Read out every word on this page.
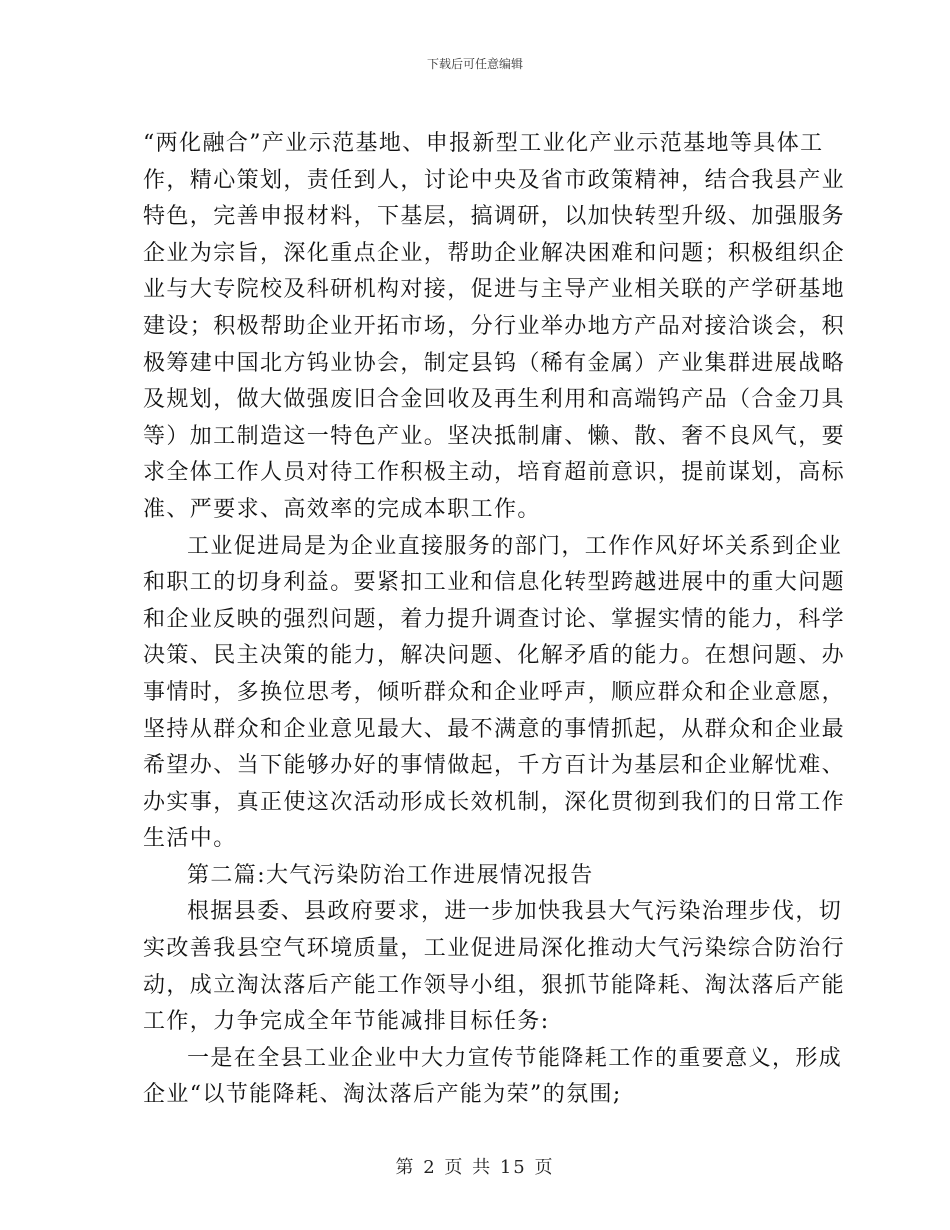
下载后可任意编辑
“两化融合”产业示范基地、申报新型工业化产业示范基地等具体工
作，精心策划，责任到人，讨论中央及省市政策精神，结合我县产业
特色，完善申报材料，下基层，搞调研，以加快转型升级、加强服务
企业为宗旨，深化重点企业，帮助企业解决困难和问题；积极组织企
业与大专院校及科研机构对接，促进与主导产业相关联的产学研基地
建设；积极帮助企业开拓市场，分行业举办地方产品对接洽谈会，积
极筹建中国北方钨业协会，制定县钨（稀有金属）产业集群进展战略
及规划，做大做强废旧合金回收及再生利用和高端钨产品（合金刀具
等）加工制造这一特色产业。坚决抵制庸、懒、散、奢不良风气，要
求全体工作人员对待工作积极主动，培育超前意识，提前谋划，高标
准、严要求、高效率的完成本职工作。
工业促进局是为企业直接服务的部门，工作作风好坏关系到企业
和职工的切身利益。要紧扣工业和信息化转型跨越进展中的重大问题
和企业反映的强烈问题，着力提升调查讨论、掌握实情的能力，科学
决策、民主决策的能力，解决问题、化解矛盾的能力。在想问题、办
事情时，多换位思考，倾听群众和企业呼声，顺应群众和企业意愿，
坚持从群众和企业意见最大、最不满意的事情抓起，从群众和企业最
希望办、当下能够办好的事情做起，千方百计为基层和企业解忧难、
办实事，真正使这次活动形成长效机制，深化贯彻到我们的日常工作
生活中。
第二篇:大气污染防治工作进展情况报告
根据县委、县政府要求，进一步加快我县大气污染治理步伐，切
实改善我县空气环境质量，工业促进局深化推动大气污染综合防治行
动，成立淘汰落后产能工作领导小组，狠抓节能降耗、淘汰落后产能
工作，力争完成全年节能减排目标任务:
一是在全县工业企业中大力宣传节能降耗工作的重要意义，形成
企业“以节能降耗、淘汰落后产能为荣”的氛围;
第 2 页 共 15 页
